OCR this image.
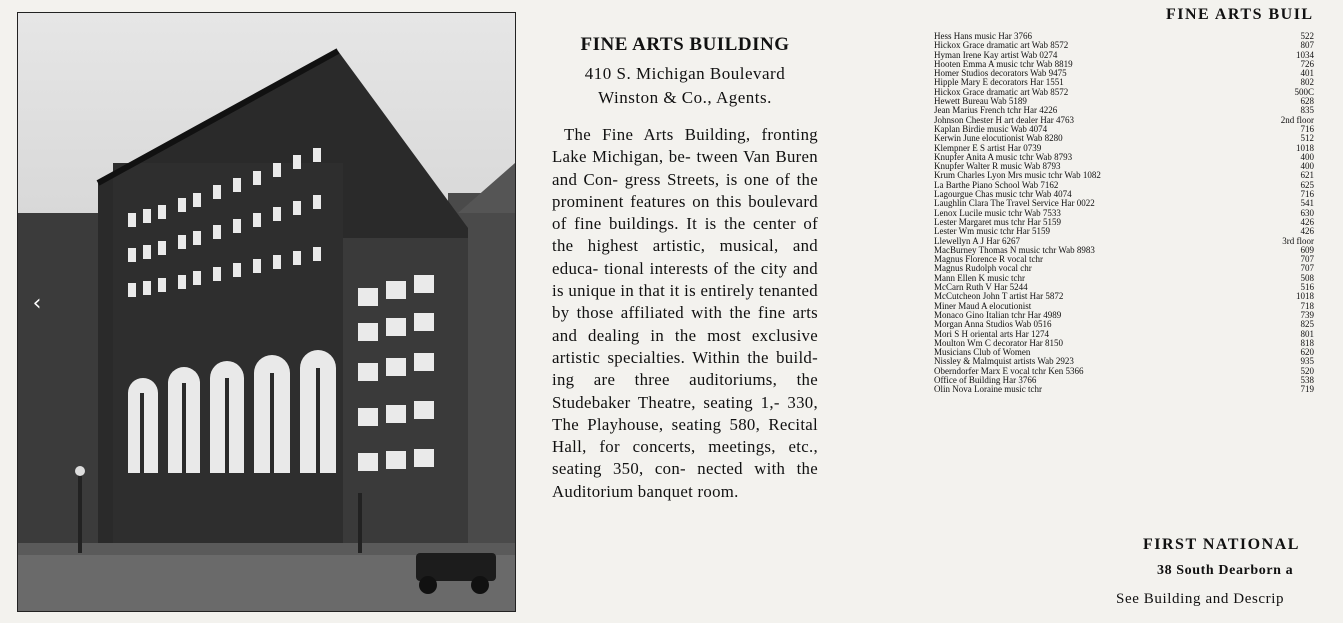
‹
FINE ARTS BUILDING
410 S. Michigan Boulevard
Winston & Co., Agents.
The Fine Arts Building, fronting Lake Michigan, be- tween Van Buren and Con- gress Streets, is one of the prominent features on this boulevard of fine buildings. It is the center of the highest artistic, musical, and educa- tional interests of the city and is unique in that it is entirely tenanted by those affiliated with the fine arts and dealing in the most exclusive artistic specialties. Within the build- ing are three auditoriums, the Studebaker Theatre, seating 1,- 330, The Playhouse, seating 580, Recital Hall, for concerts, meetings, etc., seating 350, con- nected with the Auditorium banquet room.
FINE ARTS BUIL
Hess Hans music Har 3766	522
Hickox Grace dramatic art Wab 8572	807
Hyman Irene Kay artist Wab 0274	1034
Hooten Emma A music tchr Wab 8819	726
Homer Studios decorators Wab 9475	401
Hipple Mary E decorators Har 1551	802
Hickox Grace dramatic art Wab 8572	500C
Hewett Bureau Wab 5189	628
Jean Marius French tchr Har 4226	835
Johnson Chester H art dealer Har 4763	2nd floor
Kaplan Birdie music Wab 4074	716
Kerwin June elocutionist Wab 8280	512
Klempner E S artist Har 0739	1018
Knupfer Anita A music tchr Wab 8793	400
Knupfer Walter R music Wab 8793	400
Krum Charles Lyon Mrs music tchr Wab 1082	621
La Barthe Piano School Wab 7162	625
Lagourgue Chas music tchr Wab 4074	716
Laughlin Clara The Travel Service Har 0022	541
Lenox Lucile music tchr Wab 7533	630
Lester Margaret mus tchr Har 5159	426
Lester Wm music tchr Har 5159	426
Llewellyn A J Har 6267	3rd floor
MacBurney Thomas N music tchr Wab 8983	609
Magnus Florence R vocal tchr	707
Magnus Rudolph vocal chr	707
Mann Ellen K music tchr	508
McCarn Ruth V Har 5244	516
McCutcheon John T artist Har 5872	1018
Miner Maud A elocutionist	718
Monaco Gino Italian tchr Har 4989	739
Morgan Anna Studios Wab 0516	825
Mori S H oriental arts Har 1274	801
Moulton Wm C decorator Har 8150	818
Musicians Club of Women	620
Nissley & Malmquist artists Wab 2923	935
Oberndorfer Marx E vocal tchr Ken 5366	520
Office of Building Har 3766	538
Olin Nova Loraine music tchr	719
FIRST NATIONAL
38 South Dearborn a
See Building and Descrip
